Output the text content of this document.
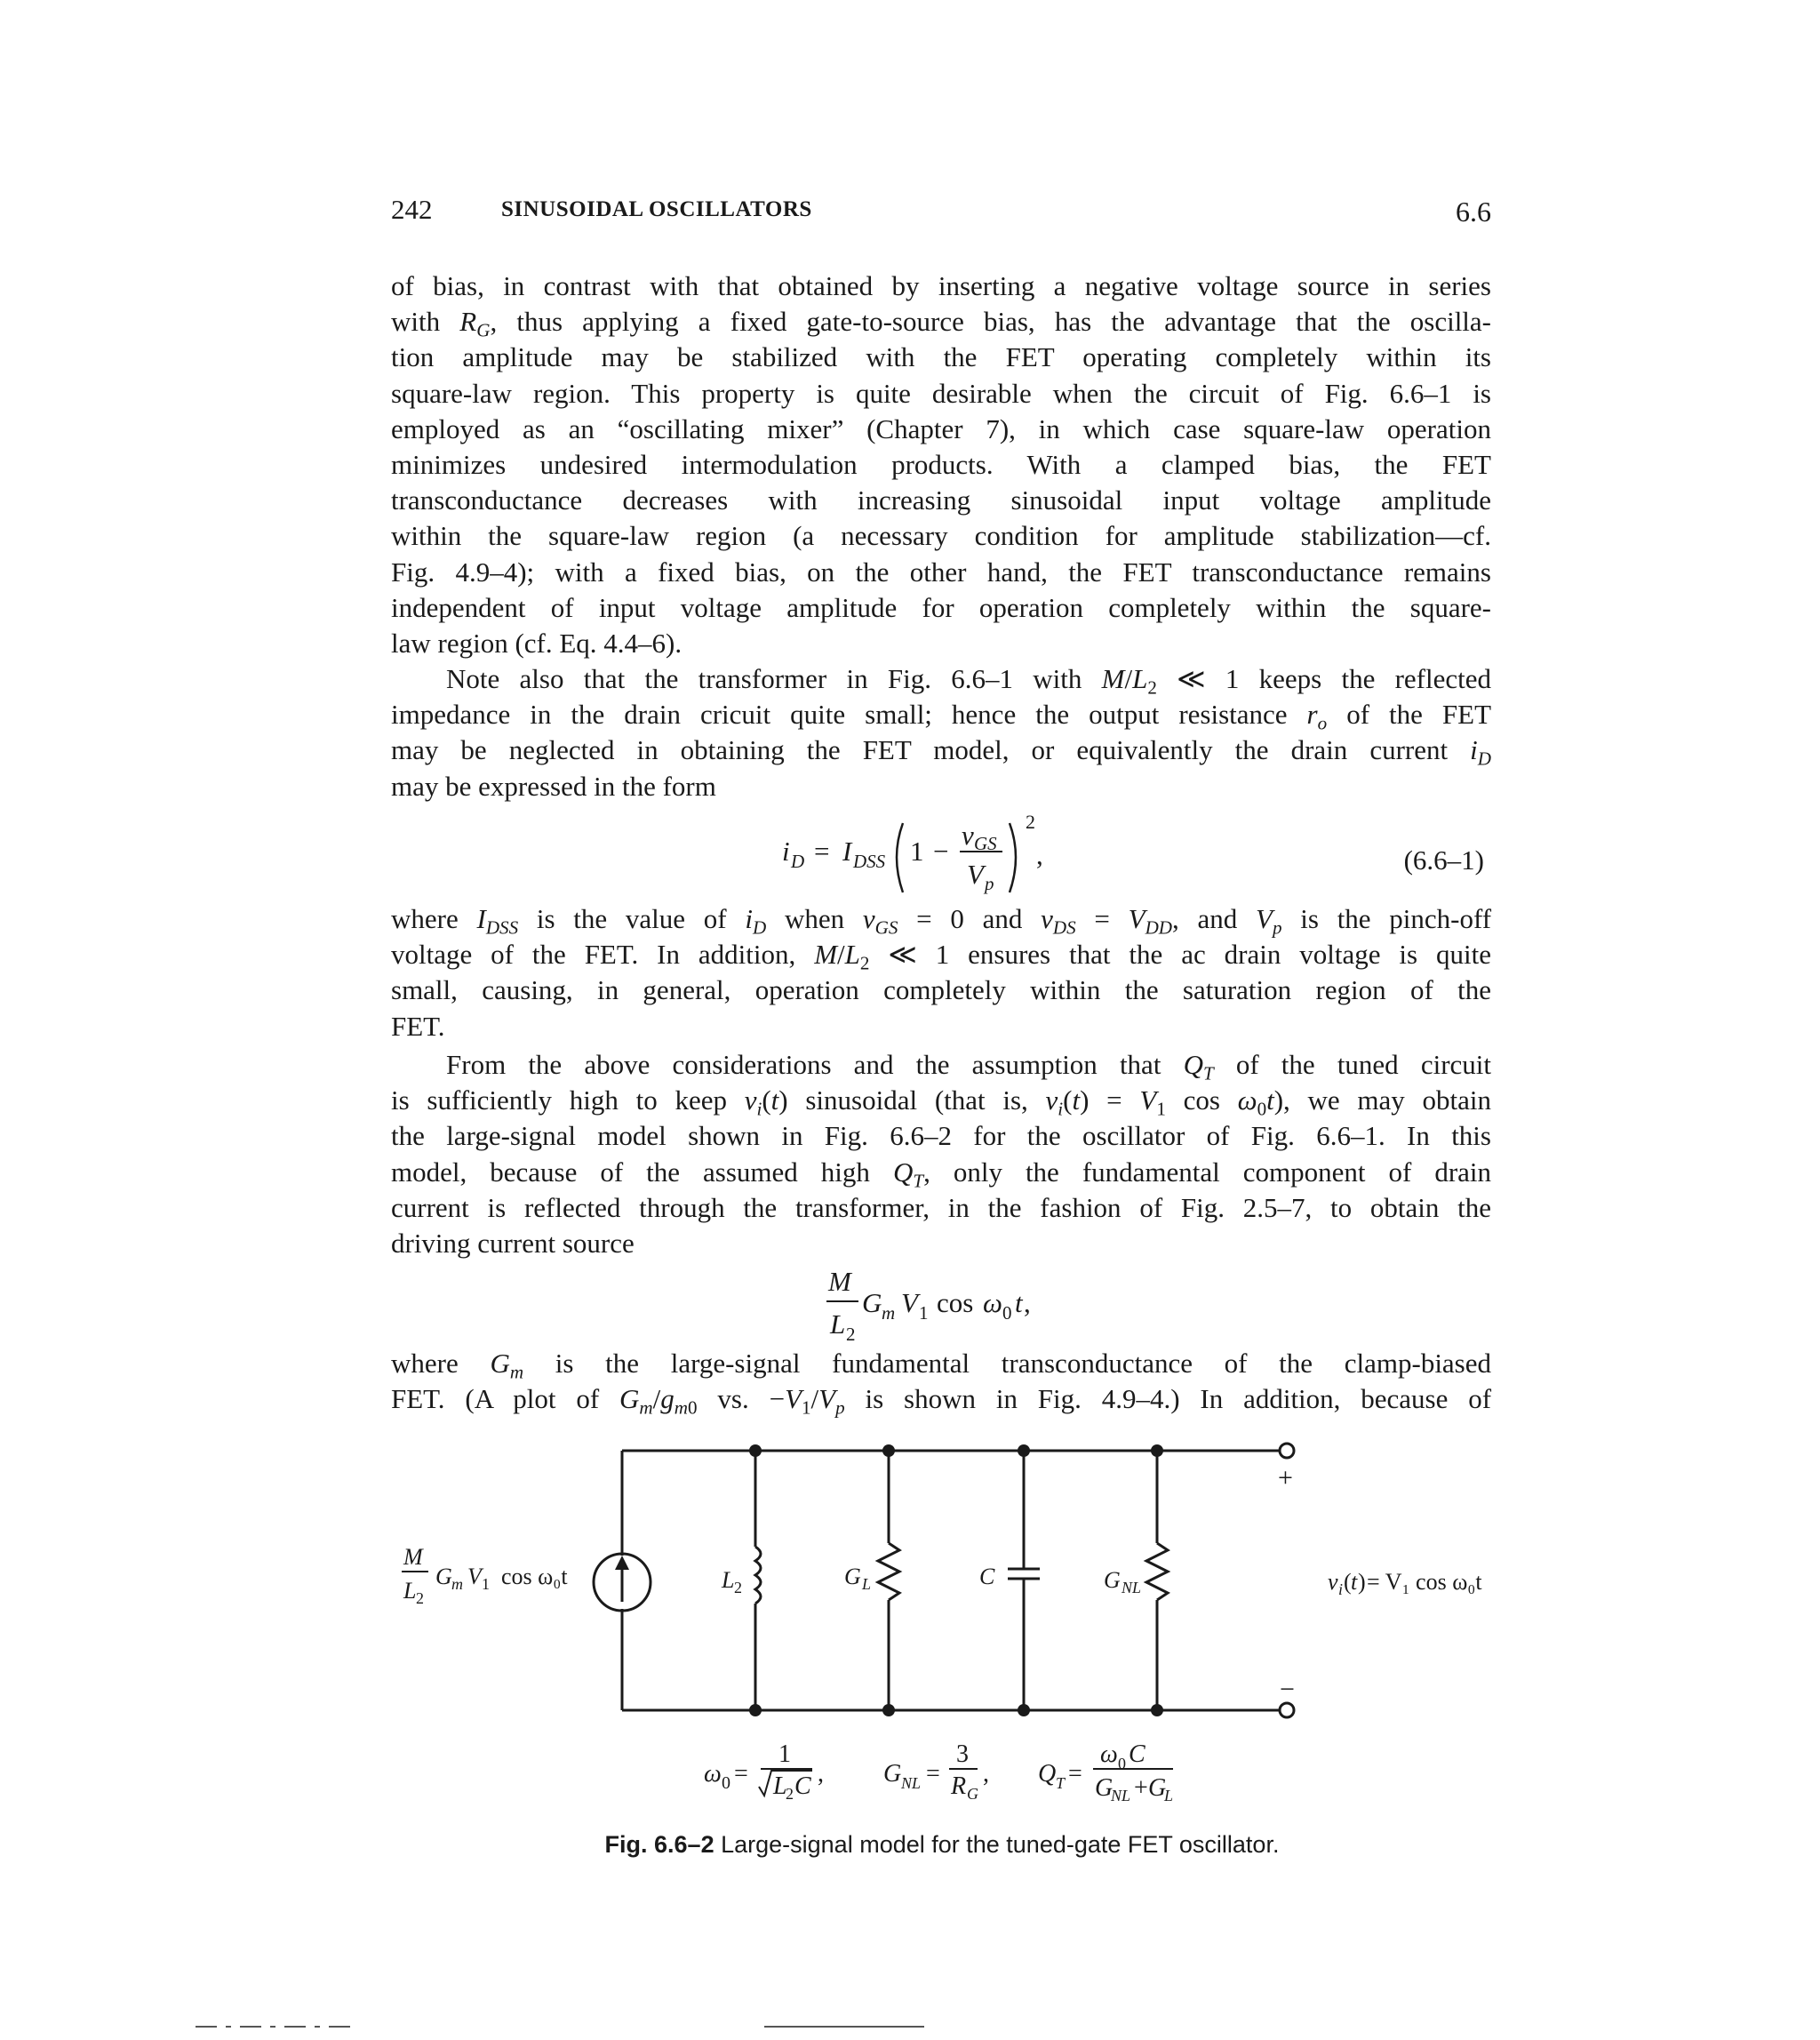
242	SINUSOIDAL OSCILLATORS	6.6
of bias, in contrast with that obtained by inserting a negative voltage source in series
with $R_G$, thus applying a fixed gate-to-source bias, has the advantage that the oscilla-
tion amplitude may be stabilized with the FET operating completely within its
square-law region. This property is quite desirable when the circuit of Fig. 6.6–1 is
employed as an “oscillating mixer” (Chapter 7), in which case square-law operation
minimizes undesired intermodulation products. With a clamped bias, the FET
transconductance decreases with increasing sinusoidal input voltage amplitude
within the square-law region (a necessary condition for amplitude stabilization—cf.
Fig. 4.9–4); with a fixed bias, on the other hand, the FET transconductance remains
independent of input voltage amplitude for operation completely within the square-
law region (cf. Eq. 4.4–6).
Note also that the transformer in Fig. 6.6–1 with $M/L_2$ ≪ 1 keeps the reflected
impedance in the drain cricuit quite small; hence the output resistance $r_o$ of the FET
may be neglected in obtaining the FET model, or equivalently the drain current $i_D$
may be expressed in the form
i D = I DSS 1 −
v GS
V p
2
,	(6.6–1)
where $I_{DSS}$ is the value of $i_D$ when $v_{GS} = 0$ and $v_{DS} = V_{DD}$, and $V_p$ is the pinch-off
voltage of the FET. In addition, $M/L_2$ ≪ 1 ensures that the ac drain voltage is quite
small, causing, in general, operation completely within the saturation region of the
FET.
From the above considerations and the assumption that $Q_T$ of the tuned circuit
is sufficiently high to keep $v_i(t)$ sinusoidal (that is, $v_i(t) = V_1$ $\cos \omega_0t$), we may obtain
the large-signal model shown in Fig. 6.6–2 for the oscillator of Fig. 6.6–1. In this
model, because of the assumed high $Q_T$, only the fundamental component of drain
current is reflected through the transformer, in the fashion of Fig. 2.5–7, to obtain the
driving current source
M
L 2
G m V 1 cos ω 0 t ,
where $G_m$ is the large-signal fundamental transconductance of the clamp-biased
FET. (A plot of $G_m/g_{m0}$ vs. $-V_1/V_p$ is shown in Fig. 4.9–4.) In addition, because of
M
L 2
G m V 1 cos ω₀t	L 2	G L	C	G NL
+
−
v i ( t ) = V₁ cos ω₀t
ω 0 =
1
L
2 C , G NL =
3
R G
, Q T =
ω 0 C
G
NL + G
L
Fig. 6.6–2 Large-signal model for the tuned-gate FET oscillator.
